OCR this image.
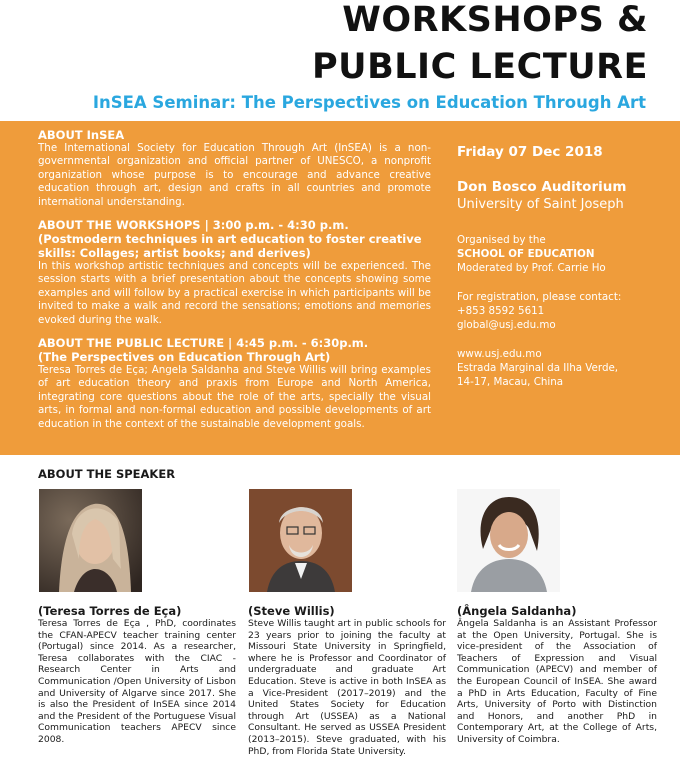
WORKSHOPS &
PUBLIC LECTURE
InSEA Seminar: The Perspectives on Education Through Art
ABOUT InSEA
The International Society for Education Through Art (InSEA) is a non-governmental organization and official partner of UNESCO, a nonprofit organization whose purpose is to encourage and advance creative education through art, design and crafts in all countries and promote international understanding.
ABOUT THE WORKSHOPS | 3:00 p.m. - 4:30 p.m.
(Postmodern techniques in art education to foster creative skills: Collages; artist books; and derives)
In this workshop artistic techniques and concepts will be experienced. The session starts with a brief presentation about the concepts showing some examples and will follow by a practical exercise in which participants will be invited to make a walk and record the sensations; emotions and memories evoked during the walk.
ABOUT THE PUBLIC LECTURE | 4:45 p.m. - 6:30p.m.
(The Perspectives on Education Through Art)
Teresa Torres de Eça; Angela Saldanha and Steve Willis will bring examples of art education theory and praxis from Europe and North America, integrating core questions about the role of the arts, specially the visual arts, in formal and non-formal education and possible developments of art education in the context of the sustainable development goals.
Friday 07 Dec 2018
Don Bosco Auditorium
University of Saint Joseph
Organised by the
SCHOOL OF EDUCATION
Moderated by Prof. Carrie Ho
For registration, please contact:
+853 8592 5611
global@usj.edu.mo
www.usj.edu.mo
Estrada Marginal da Ilha Verde,
14-17, Macau, China
ABOUT THE SPEAKER
(Teresa Torres de Eça)
Teresa Torres de Eça , PhD, coordinates the CFAN-APECV teacher training center (Portugal) since 2014. As a researcher, Teresa collaborates with the CIAC -Research Center in Arts and Communication /Open University of Lisbon and University of Algarve since 2017. She is also the President of InSEA since 2014 and the President of the Portuguese Visual Communication teachers APECV since 2008.
(Steve Willis)
Steve Willis taught art in public schools for 23 years prior to joining the faculty at Missouri State University in Springfield, where he is Professor and Coordinator of undergraduate and graduate Art Education. Steve is active in both InSEA as a Vice-President (2017–2019) and the United States Society for Education through Art (USSEA) as a National Consultant. He served as USSEA President (2013–2015). Steve graduated, with his PhD, from Florida State University.
(Ângela Saldanha)
Ângela Saldanha is an Assistant Professor at the Open University, Portugal. She is vice-president of the Association of Teachers of Expression and Visual Communication (APECV) and member of the European Council of InSEA. She award a PhD in Arts Education, Faculty of Fine Arts, University of Porto with Distinction and Honors, and another PhD in Contemporary Art, at the College of Arts, University of Coimbra.
